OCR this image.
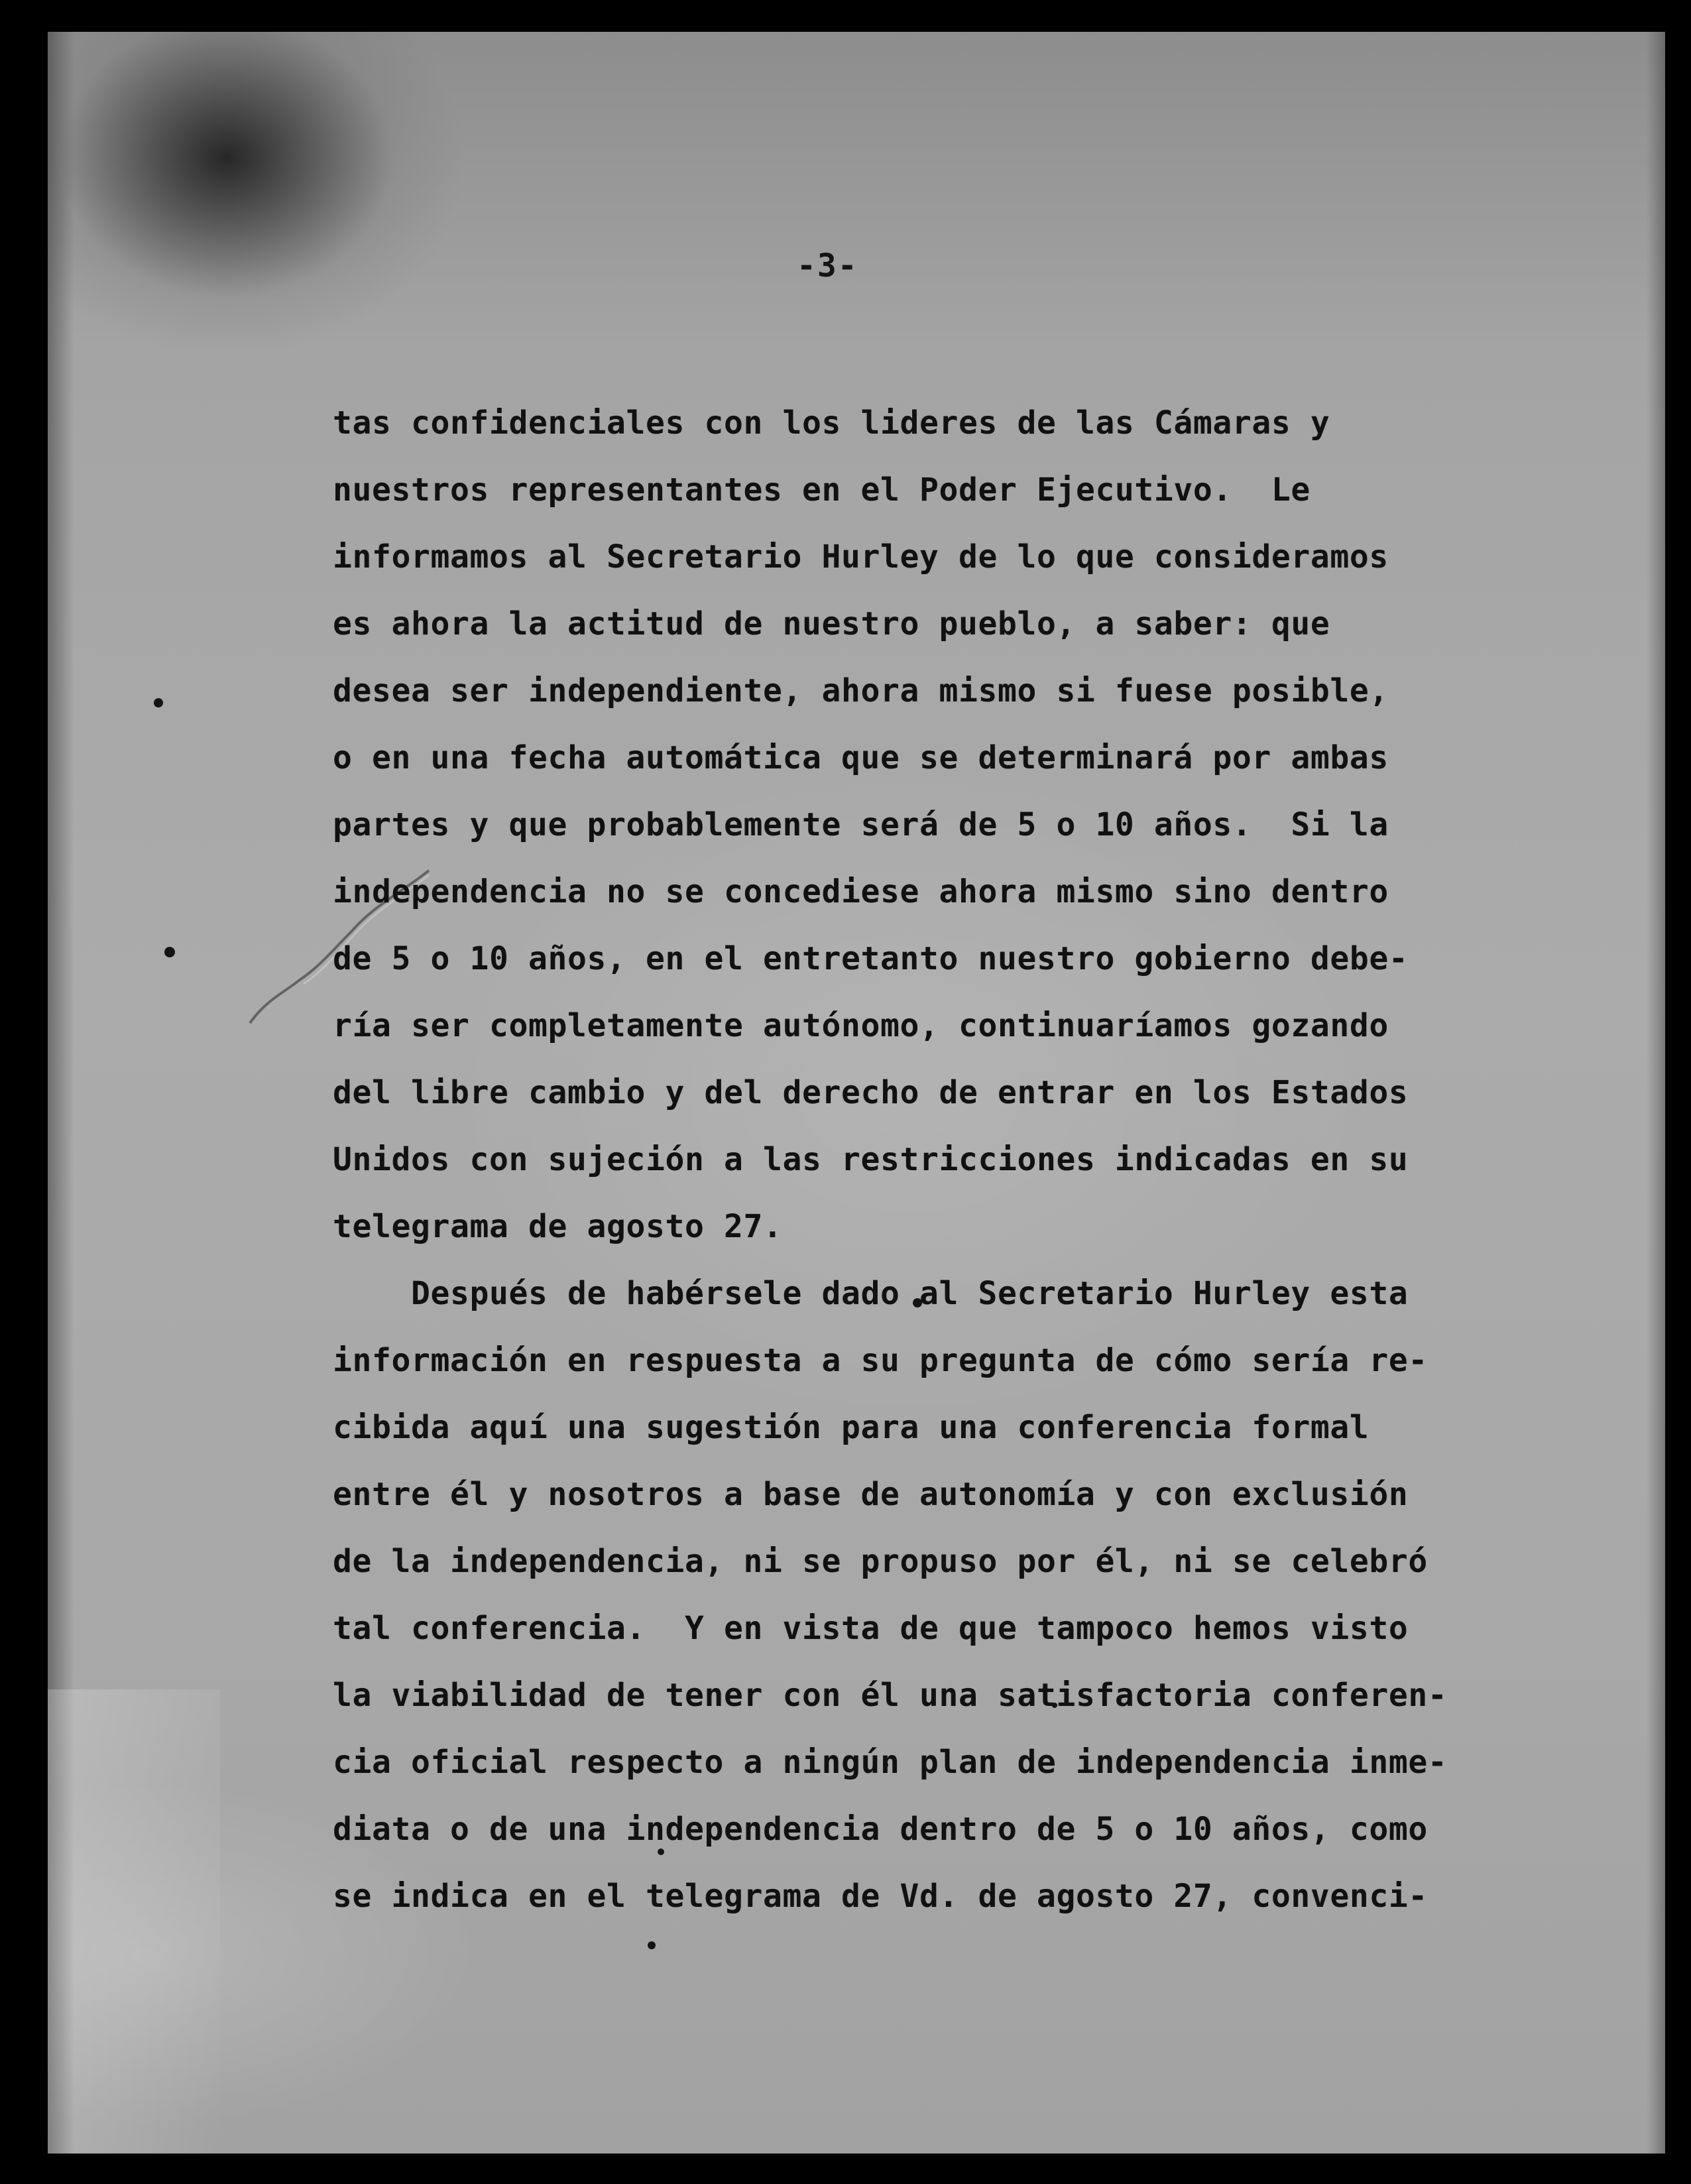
-3-
tas confidenciales con los lideres de las Cámaras y
nuestros representantes en el Poder Ejecutivo.  Le
informamos al Secretario Hurley de lo que consideramos
es ahora la actitud de nuestro pueblo, a saber: que
desea ser independiente, ahora mismo si fuese posible,
o en una fecha automática que se determinará por ambas
partes y que probablemente será de 5 o 10 años.  Si la
independencia no se concediese ahora mismo sino dentro
de 5 o 10 años, en el entretanto nuestro gobierno debe-
ría ser completamente autónomo, continuaríamos gozando
del libre cambio y del derecho de entrar en los Estados
Unidos con sujeción a las restricciones indicadas en su
telegrama de agosto 27.
Después de habérsele dado al Secretario Hurley esta
información en respuesta a su pregunta de cómo sería re-
cibida aquí una sugestión para una conferencia formal
entre él y nosotros a base de autonomía y con exclusión
de la independencia, ni se propuso por él, ni se celebró
tal conferencia.  Y en vista de que tampoco hemos visto
la viabilidad de tener con él una satisfactoria conferen-
cia oficial respecto a ningún plan de independencia inme-
diata o de una independencia dentro de 5 o 10 años, como
se indica en el telegrama de Vd. de agosto 27, convenci-
